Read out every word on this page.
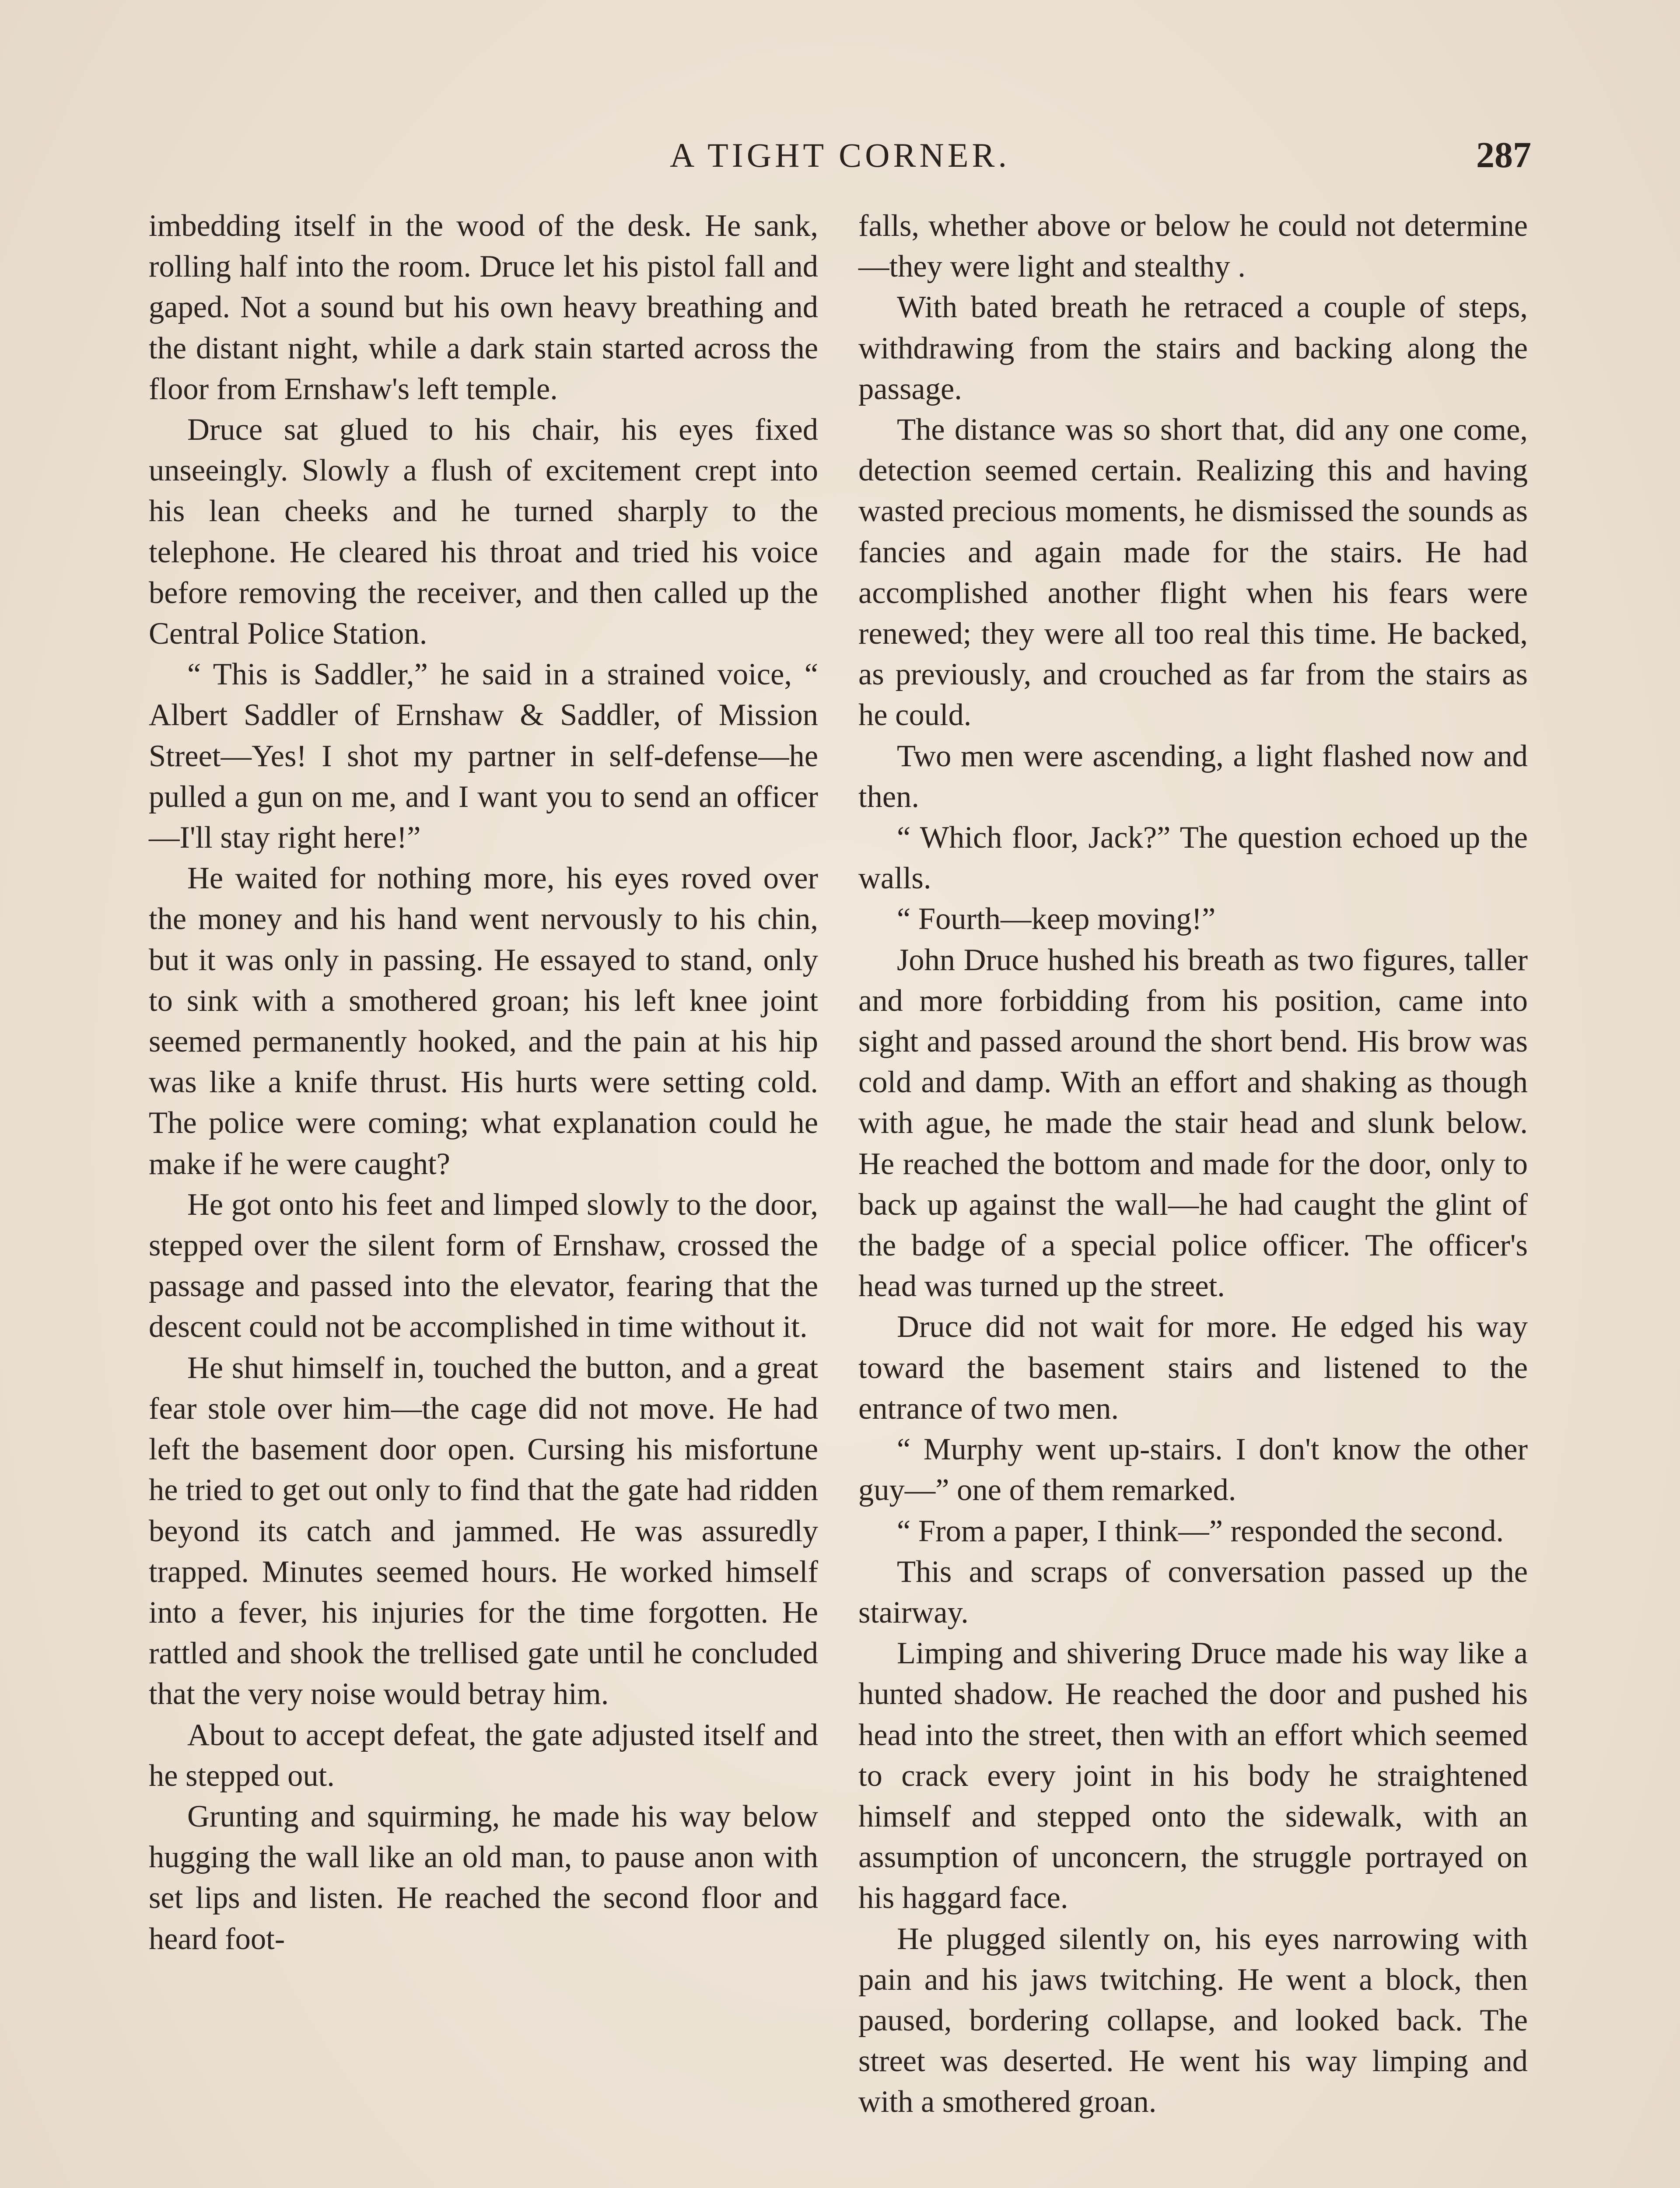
A TIGHT CORNER.	287

imbedding itself in the wood of the desk. He sank, rolling half into the room. Druce let his pistol fall and gaped. Not a sound but his own heavy breathing and the distant night, while a dark stain started across the floor from Ernshaw's left temple.

Druce sat glued to his chair, his eyes fixed unseeingly. Slowly a flush of excitement crept into his lean cheeks and he turned sharply to the telephone. He cleared his throat and tried his voice before removing the receiver, and then called up the Central Police Station.

“ This is Saddler,” he said in a strained voice, “ Albert Saddler of Ernshaw & Saddler, of Mission Street—Yes! I shot my partner in self-defense—he pulled a gun on me, and I want you to send an officer—I'll stay right here!”

He waited for nothing more, his eyes roved over the money and his hand went nervously to his chin, but it was only in passing. He essayed to stand, only to sink with a smothered groan; his left knee joint seemed permanently hooked, and the pain at his hip was like a knife thrust. His hurts were setting cold. The police were coming; what explanation could he make if he were caught?

He got onto his feet and limped slowly to the door, stepped over the silent form of Ernshaw, crossed the passage and passed into the elevator, fearing that the descent could not be accomplished in time without it.

He shut himself in, touched the button, and a great fear stole over him—the cage did not move. He had left the basement door open. Cursing his misfortune he tried to get out only to find that the gate had ridden beyond its catch and jammed. He was assuredly trapped. Minutes seemed hours. He worked himself into a fever, his injuries for the time forgotten. He rattled and shook the trellised gate until he concluded that the very noise would betray him.

About to accept defeat, the gate adjusted itself and he stepped out.

Grunting and squirming, he made his way below hugging the wall like an old man, to pause anon with set lips and listen. He reached the second floor and heard foot-

falls, whether above or below he could not determine—they were light and stealthy .

With bated breath he retraced a couple of steps, withdrawing from the stairs and backing along the passage.

The distance was so short that, did any one come, detection seemed certain. Realizing this and having wasted precious moments, he dismissed the sounds as fancies and again made for the stairs. He had accomplished another flight when his fears were renewed; they were all too real this time. He backed, as previously, and crouched as far from the stairs as he could.

Two men were ascending, a light flashed now and then.

“ Which floor, Jack?” The question echoed up the walls.

“ Fourth—keep moving!”

John Druce hushed his breath as two figures, taller and more forbidding from his position, came into sight and passed around the short bend. His brow was cold and damp. With an effort and shaking as though with ague, he made the stair head and slunk below. He reached the bottom and made for the door, only to back up against the wall—he had caught the glint of the badge of a special police officer. The officer's head was turned up the street.

Druce did not wait for more. He edged his way toward the basement stairs and listened to the entrance of two men.

“ Murphy went up-stairs. I don't know the other guy—” one of them remarked.

“ From a paper, I think—” responded the second.

This and scraps of conversation passed up the stairway.

Limping and shivering Druce made his way like a hunted shadow. He reached the door and pushed his head into the street, then with an effort which seemed to crack every joint in his body he straightened himself and stepped onto the sidewalk, with an assumption of unconcern, the struggle portrayed on his haggard face.

He plugged silently on, his eyes narrowing with pain and his jaws twitching. He went a block, then paused, bordering collapse, and looked back. The street was deserted. He went his way limping and with a smothered groan.
